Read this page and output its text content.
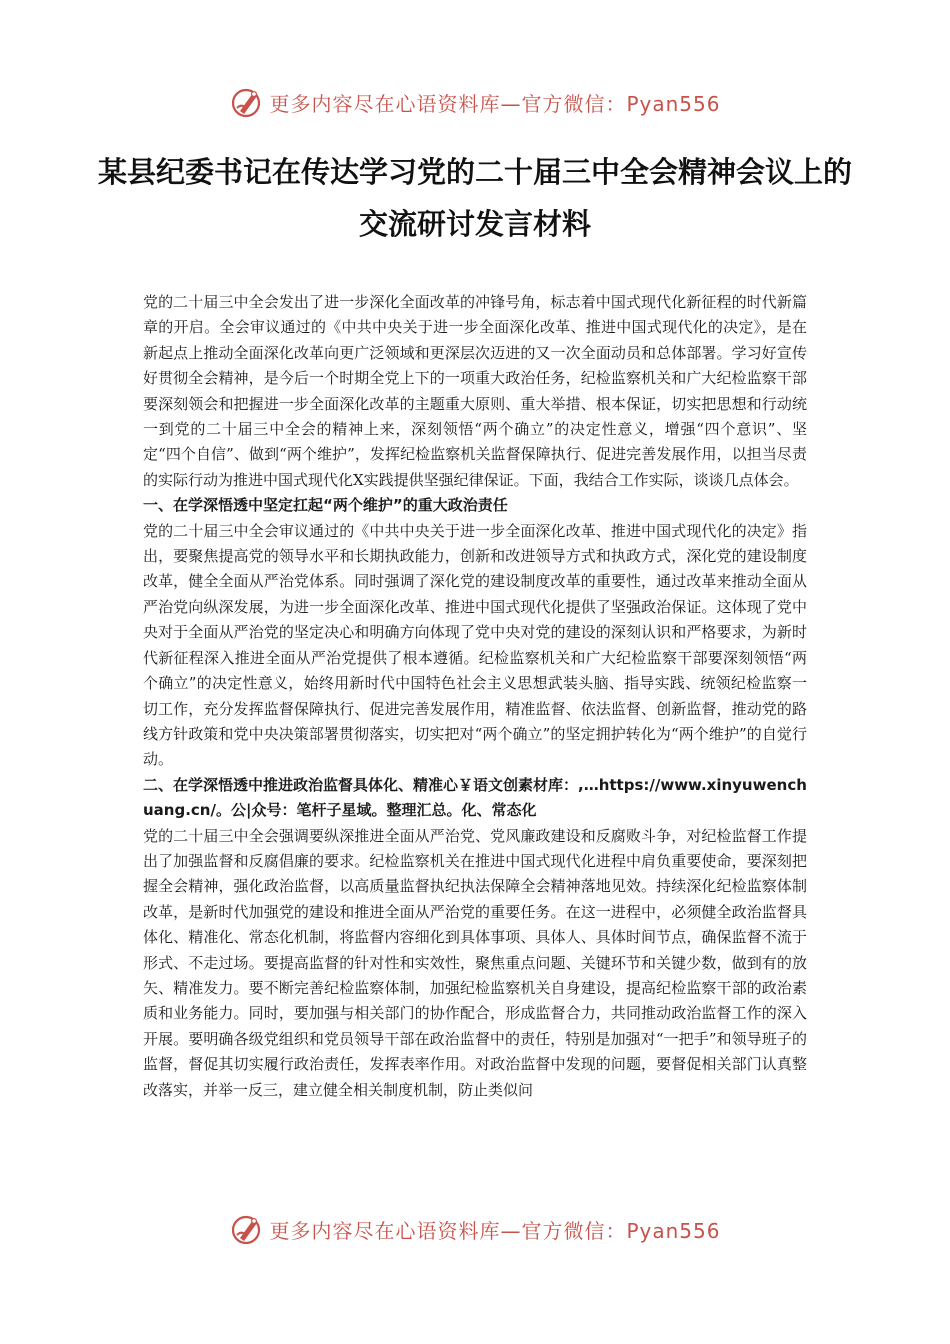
更多内容尽在心语资料库—官方微信：Pyan556
某县纪委书记在传达学习党的二十届三中全会精神会议上的交流研讨发言材料

党的二十届三中全会发出了进一步深化全面改革的冲锋号角，标志着中国式现代化新征程的时代新篇章的开启。全会审议通过的《中共中央关于进一步全面深化改革、推进中国式现代化的决定》，是在新起点上推动全面深化改革向更广泛领域和更深层次迈进的又一次全面动员和总体部署。学习好宣传好贯彻全会精神，是今后一个时期全党上下的一项重大政治任务，纪检监察机关和广大纪检监察干部要深刻领会和把握进一步全面深化改革的主题重大原则、重大举措、根本保证，切实把思想和行动统一到党的二十届三中全会的精神上来，深刻领悟“两个确立”的决定性意义，增强“四个意识”、坚定“四个自信”、做到“两个维护”，发挥纪检监察机关监督保障执行、促进完善发展作用，以担当尽责的实际行动为推进中国式现代化X实践提供坚强纪律保证。下面，我结合工作实际，谈谈几点体会。

一、在学深悟透中坚定扛起“两个维护”的重大政治责任

党的二十届三中全会审议通过的《中共中央关于进一步全面深化改革、推进中国式现代化的决定》指出，要聚焦提高党的领导水平和长期执政能力，创新和改进领导方式和执政方式，深化党的建设制度改革，健全全面从严治党体系。同时强调了深化党的建设制度改革的重要性，通过改革来推动全面从严治党向纵深发展，为进一步全面深化改革、推进中国式现代化提供了坚强政治保证。这体现了党中央对于全面从严治党的坚定决心和明确方向体现了党中央对党的建设的深刻认识和严格要求，为新时代新征程深入推进全面从严治党提供了根本遵循。纪检监察机关和广大纪检监察干部要深刻领悟“两个确立”的决定性意义，始终用新时代中国特色社会主义思想武装头脑、指导实践、统领纪检监察一切工作，充分发挥监督保障执行、促进完善发展作用，精准监督、依法监督、创新监督，推动党的路线方针政策和党中央决策部署贯彻落实，切实把对“两个确立”的坚定拥护转化为“两个维护”的自觉行动。

二、在学深悟透中推进政治监督具体化、精准心￥语文创素材库：,…https://www.xinyuwenchuang.cn/。公|众号：笔杆子星域。整理汇总。化、常态化

党的二十届三中全会强调要纵深推进全面从严治党、党风廉政建设和反腐败斗争，对纪检监督工作提出了加强监督和反腐倡廉的要求。纪检监察机关在推进中国式现代化进程中肩负重要使命，要深刻把握全会精神，强化政治监督，以高质量监督执纪执法保障全会精神落地见效。持续深化纪检监察体制改革，是新时代加强党的建设和推进全面从严治党的重要任务。在这一进程中，必须健全政治监督具体化、精准化、常态化机制，将监督内容细化到具体事项、具体人、具体时间节点，确保监督不流于形式、不走过场。要提高监督的针对性和实效性，聚焦重点问题、关键环节和关键少数，做到有的放矢、精准发力。要不断完善纪检监察体制，加强纪检监察机关自身建设，提高纪检监察干部的政治素质和业务能力。同时，要加强与相关部门的协作配合，形成监督合力，共同推动政治监督工作的深入开展。要明确各级党组织和党员领导干部在政治监督中的责任，特别是加强对“一把手”和领导班子的监督，督促其切实履行政治责任，发挥表率作用。对政治监督中发现的问题，要督促相关部门认真整改落实，并举一反三，建立健全相关制度机制，防止类似问

更多内容尽在心语资料库—官方微信：Pyan556
